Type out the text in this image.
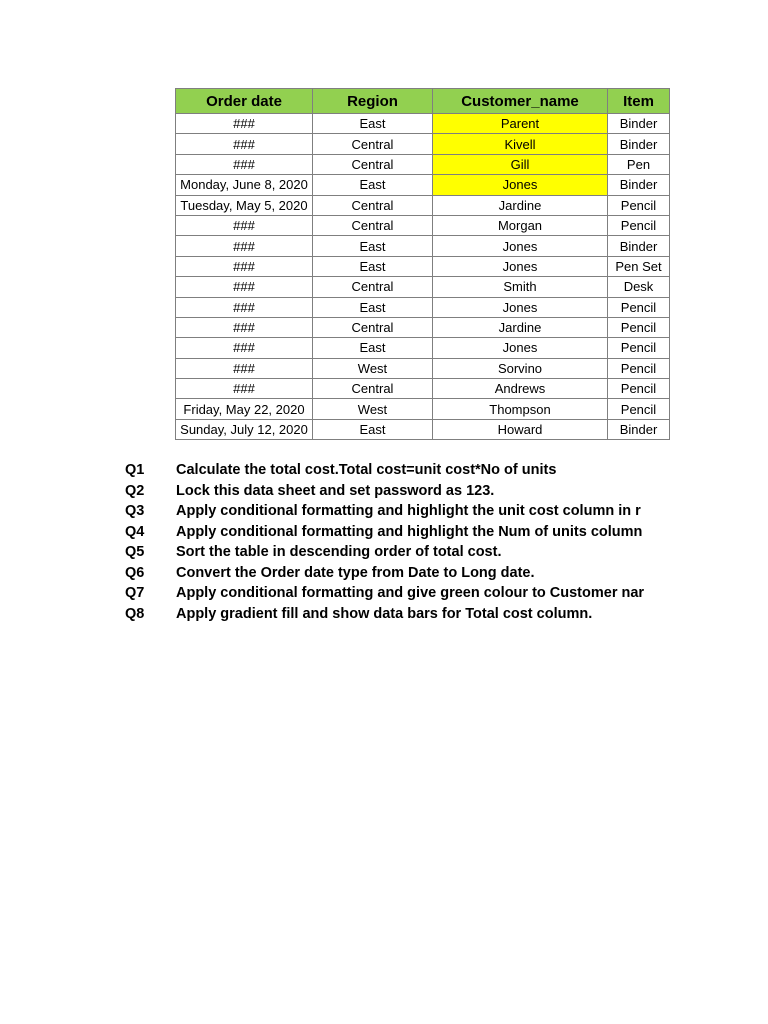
Order date	Region	Customer_name	Item
###	East	Parent	Binder
###	Central	Kivell	Binder
###	Central	Gill	Pen
Monday, June 8, 2020	East	Jones	Binder
Tuesday, May 5, 2020	Central	Jardine	Pencil
###	Central	Morgan	Pencil
###	East	Jones	Binder
###	East	Jones	Pen Set
###	Central	Smith	Desk
###	East	Jones	Pencil
###	Central	Jardine	Pencil
###	East	Jones	Pencil
###	West	Sorvino	Pencil
###	Central	Andrews	Pencil
Friday, May 22, 2020	West	Thompson	Pencil
Sunday, July 12, 2020	East	Howard	Binder
Q1 Calculate the total cost.Total cost=unit cost*No of units
Q2 Lock this data sheet and set password as 123.
Q3 Apply conditional formatting and highlight the unit cost column in r
Q4 Apply conditional formatting and highlight the Num of units column
Q5 Sort the table in descending order of total cost.
Q6 Convert the Order date type from Date to Long date.
Q7 Apply conditional formatting and give green colour to Customer nar
Q8 Apply gradient fill and show data bars for Total cost column.
